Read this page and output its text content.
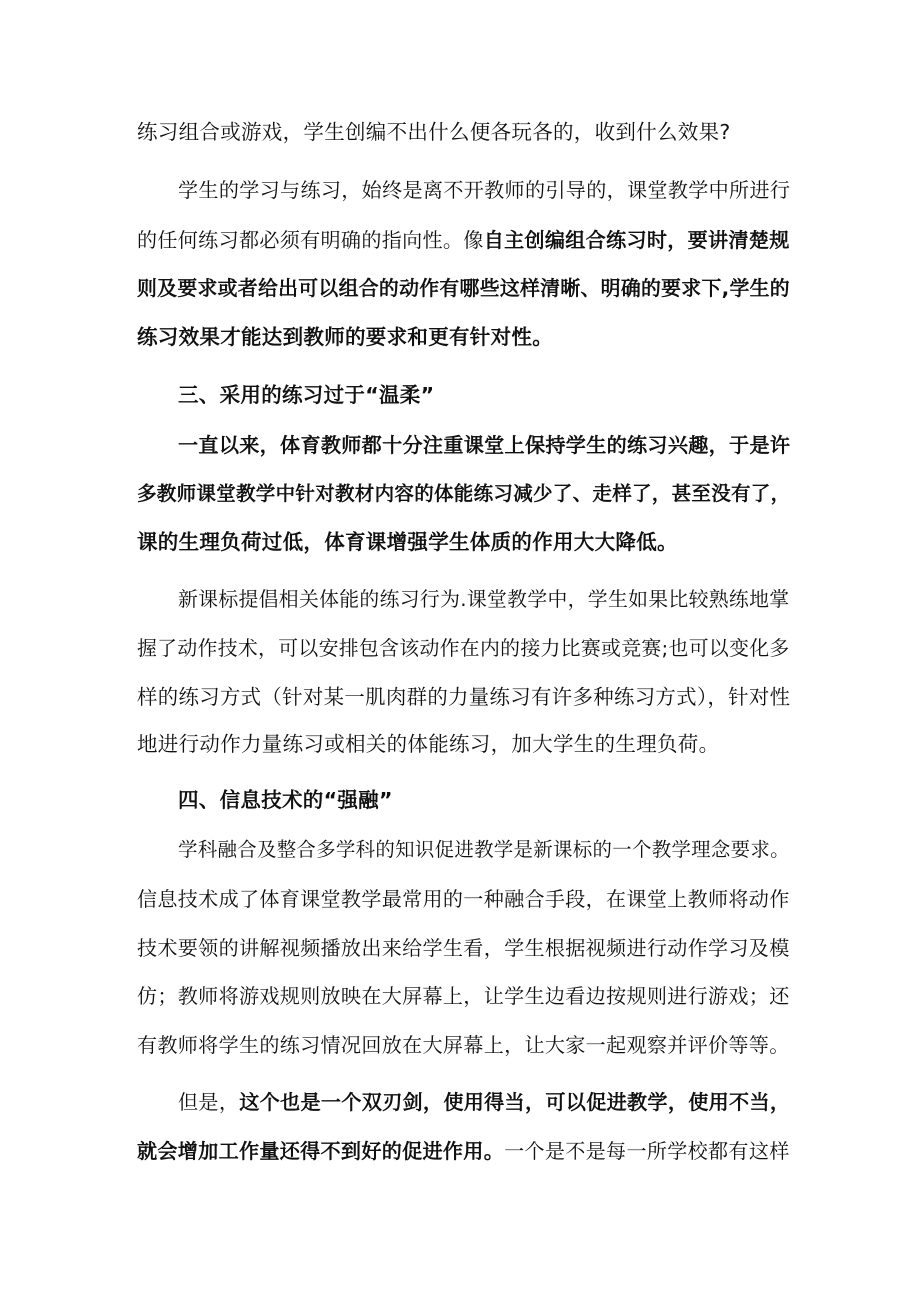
练习组合或游戏，学生创编不出什么便各玩各的，收到什么效果?
学生的学习与练习，始终是离不开教师的引导的，课堂教学中所进行
的任何练习都必须有明确的指向性。像自主创编组合练习时，要讲清楚规
则及要求或者给出可以组合的动作有哪些这样清晰、明确的要求下,学生的
练习效果才能达到教师的要求和更有针对性。
三、采用的练习过于“温柔”
一直以来，体育教师都十分注重课堂上保持学生的练习兴趣，于是许
多教师课堂教学中针对教材内容的体能练习减少了、走样了，甚至没有了，
课的生理负荷过低，体育课增强学生体质的作用大大降低。
新课标提倡相关体能的练习行为.课堂教学中，学生如果比较熟练地掌
握了动作技术，可以安排包含该动作在内的接力比赛或竞赛;也可以变化多
样的练习方式（针对某一肌肉群的力量练习有许多种练习方式），针对性
地进行动作力量练习或相关的体能练习，加大学生的生理负荷。
四、信息技术的“强融”
学科融合及整合多学科的知识促进教学是新课标的一个教学理念要求。
信息技术成了体育课堂教学最常用的一种融合手段，在课堂上教师将动作
技术要领的讲解视频播放出来给学生看，学生根据视频进行动作学习及模
仿；教师将游戏规则放映在大屏幕上，让学生边看边按规则进行游戏；还
有教师将学生的练习情况回放在大屏幕上，让大家一起观察并评价等等。
但是，这个也是一个双刃剑，使用得当，可以促进教学，使用不当，
就会增加工作量还得不到好的促进作用。一个是不是每一所学校都有这样
